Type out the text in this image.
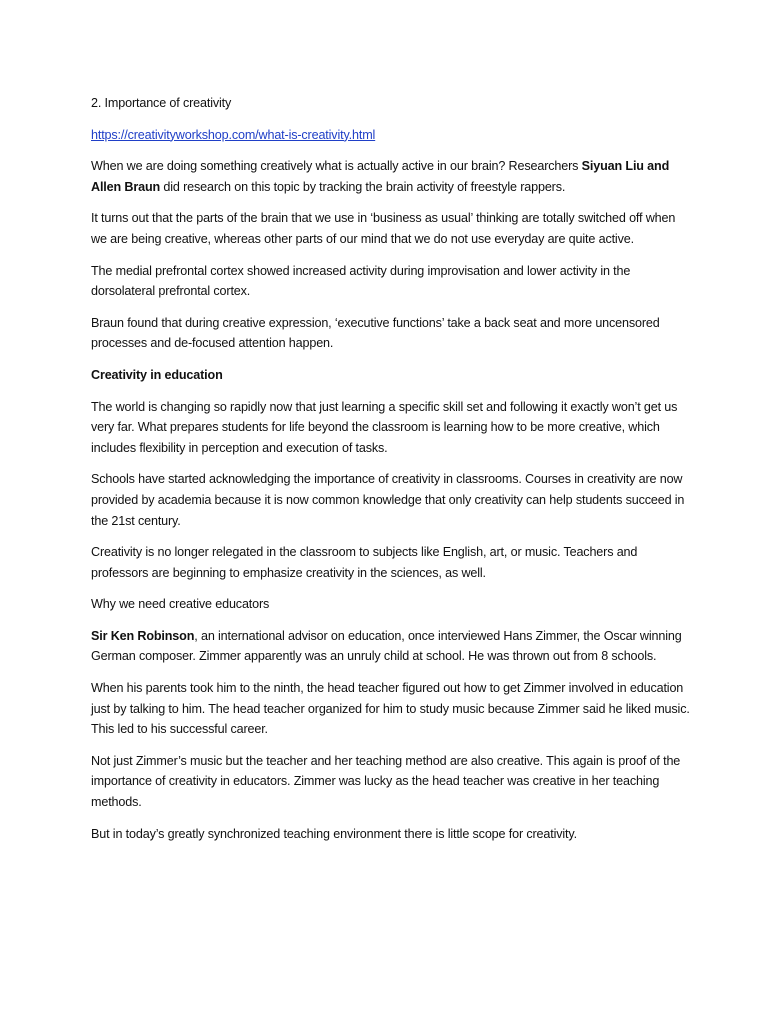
2. Importance of creativity
https://creativityworkshop.com/what-is-creativity.html

When we are doing something creatively what is actually active in our brain? Researchers Siyuan Liu and Allen Braun did research on this topic by tracking the brain activity of freestyle rappers.

It turns out that the parts of the brain that we use in ‘business as usual’ thinking are totally switched off when we are being creative, whereas other parts of our mind that we do not use everyday are quite active.

The medial prefrontal cortex showed increased activity during improvisation and lower activity in the dorsolateral prefrontal cortex.

Braun found that during creative expression, ‘executive functions’ take a back seat and more uncensored processes and de-focused attention happen.

Creativity in education

The world is changing so rapidly now that just learning a specific skill set and following it exactly won’t get us very far. What prepares students for life beyond the classroom is learning how to be more creative, which includes flexibility in perception and execution of tasks.

Schools have started acknowledging the importance of creativity in classrooms. Courses in creativity are now provided by academia because it is now common knowledge that only creativity can help students succeed in the 21st century.

Creativity is no longer relegated in the classroom to subjects like English, art, or music. Teachers and professors are beginning to emphasize creativity in the sciences, as well.

Why we need creative educators

Sir Ken Robinson, an international advisor on education, once interviewed Hans Zimmer, the Oscar winning German composer. Zimmer apparently was an unruly child at school. He was thrown out from 8 schools.

When his parents took him to the ninth, the head teacher figured out how to get Zimmer involved in education just by talking to him. The head teacher organized for him to study music because Zimmer said he liked music. This led to his successful career.

Not just Zimmer’s music but the teacher and her teaching method are also creative. This again is proof of the importance of creativity in educators. Zimmer was lucky as the head teacher was creative in her teaching methods.

But in today’s greatly synchronized teaching environment there is little scope for creativity.
